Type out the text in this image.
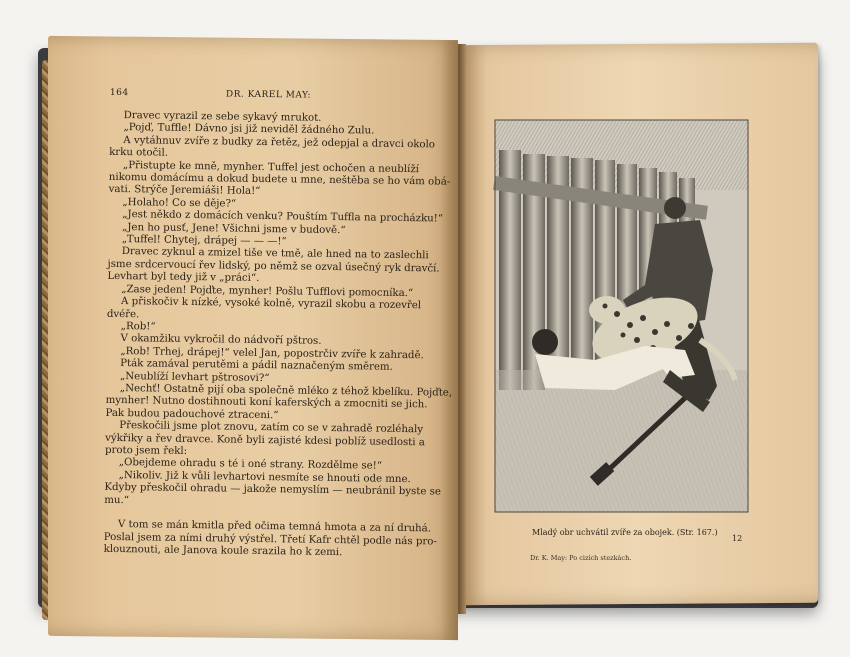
164	DR. KAREL MAY:

Dravec vyrazil ze sebe sykavý mrukot.

„Pojď, Tuffle! Dávno jsi již neviděl žádného Zulu.

A vytáhnuv zvíře z budky za řetěz, jež odepjal a dravci okolo

krku otočil.

„Přistupte ke mně, mynher. Tuffel jest ochočen a neublíží

nikomu domácímu a dokud budete u mne, neštěba se ho vám obá-

vati. Strýče Jeremiáši! Hola!“

„Holaho! Co se děje?“

„Jest někdo z domácích venku? Pouštím Tuffla na procházku!“

„Jen ho pusť, Jene! Všichni jsme v budově.“

„Tuffel! Chytej, drápej — — —!“

Dravec zyknul a zmizel tiše ve tmě, ale hned na to zaslechli

jsme srdcervoucí řev lidský, po němž se ozval úsečný ryk dravčí.

Levhart byl tedy již v „práci“.

„Zase jeden! Pojďte, mynher! Pošlu Tufflovi pomocníka.“

A přiskočiv k nízké, vysoké kolně, vyrazil skobu a rozevřel

dvéře.

„Rob!“

V okamžiku vykročil do nádvoří pštros.

„Rob! Trhej, drápej!“ velel Jan, popostrčiv zvíře k zahradě.

Pták zamával perutěmi a pádil naznačeným směrem.

„Neublíží levhart pštrosovi?“

„Nechť! Ostatně pijí oba společně mléko z téhož kbelíku. Pojďte,

mynher! Nutno dostihnouti koní kaferských a zmocniti se jich.

Pak budou padouchové ztraceni.“

Přeskočili jsme plot znovu, zatím co se v zahradě rozléhaly

výkřiky a řev dravce. Koně byli zajisté kdesi poblíž usedlosti a

proto jsem řekl:

„Obejdeme ohradu s té i oné strany. Rozdělme se!“

„Nikoliv. Již k vůli levhartovi nesmíte se hnouti ode mne.

Kdyby přeskočil ohradu — jakože nemyslím — neubránil byste se

mu.“

V tom se mán kmitla před očima temná hmota a za ní druhá.

Poslal jsem za ními druhý výstřel. Třetí Kafr chtěl podle nás pro-

klouznouti, ale Janova koule srazila ho k zemi.

Mladý obr uchvátil zvíře za obojek. (Str. 167.)
12
Dr. K. May: Po cizích stezkách.
